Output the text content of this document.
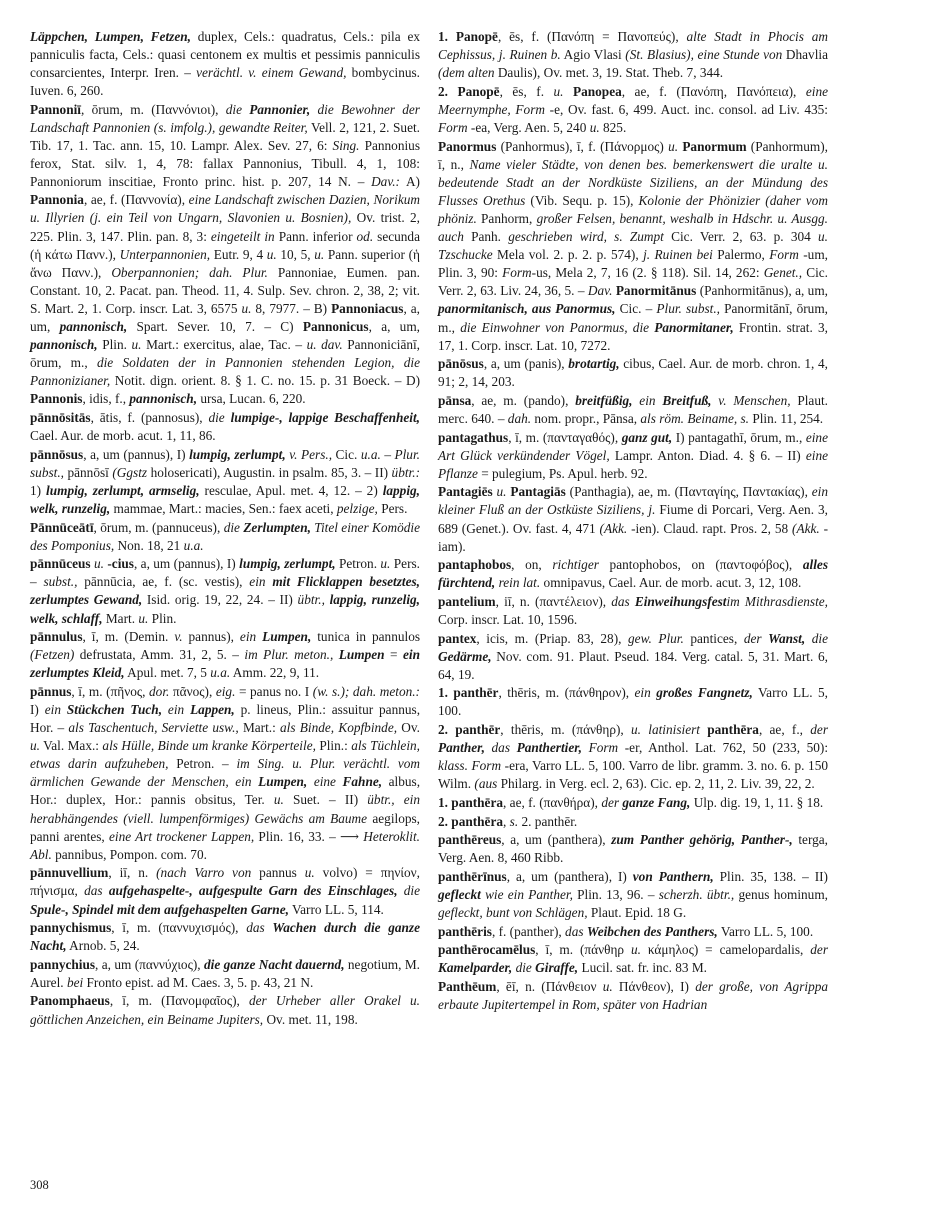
Läppchen, Lumpen, Fetzen, duplex, Cels.: quadratus, Cels.: pila ex panniculis facta, Cels.: quasi centonem ex multis et pessimis panniculis consarcientes, Interpr. Iren. – verächtl. v. einem Gewand, bombycinus. Iuven. 6, 260.
Pannoniī, ōrum, m. (Παννόνιοι), die Pannonier, die Bewohner der Landschaft Pannonien (s. imfolg.), gewandte Reiter, Vell. 2, 121, 2. Suet. Tib. 17, 1. Tac. ann. 15, 10. Lampr. Alex. Sev. 27, 6: Sing. Pannonius ferox, Stat. silv. 1, 4, 78: fallax Pannonius, Tibull. 4, 1, 108: Pannoniorum inscitiae, Fronto princ. hist. p. 207, 14 N. – Dav.: A) Pannonia, ae, f. (Παννονία), eine Landschaft zwischen Dazien, Norikum u. Illyrien (j. ein Teil von Ungarn, Slavonien u. Bosnien), Ov. trist. 2, 225. Plin. 3, 147. Plin. pan. 8, 3: eingeteilt in Pann. inferior od. secunda (ἡ κάτω Πανν.), Unterpannonien, Eutr. 9, 4 u. 10, 5, u. Pann. superior (ἡ ἄνω Πανν.), Oberpannonien; dah. Plur. Pannoniae, Eumen. pan. Constant. 10, 2. Pacat. pan. Theod. 11, 4. Sulp. Sev. chron. 2, 38, 2; vit. S. Mart. 2, 1. Corp. inscr. Lat. 3, 6575 u. 8, 7977. – B) Pannoniacus, a, um, pannonisch, Spart. Sever. 10, 7. – C) Pannonicus, a, um, pannonisch, Plin. u. Mart.: exercitus, alae, Tac. – u. dav. Pannoniciānī, ōrum, m., die Soldaten der in Pannonien stehenden Legion, die Pannonizianer, Notit. dign. orient. 8. § 1. C. no. 15. p. 31 Boeck. – D) Pannonis, idis, f., pannonisch, ursa, Lucan. 6, 220.
pānnōsitās, ātis, f. (pannosus), die lumpige-, lappige Beschaffenheit, Cael. Aur. de morb. acut. 1, 11, 86.
pānnōsus, a, um (pannus), I) lumpig, zerlumpt, v. Pers., Cic. u.a. – Plur. subst., pānnōsī (Ggstz holosericati), Augustin. in psalm. 85, 3. – II) übtr.: 1) lumpig, zerlumpt, armselig, resculae, Apul. met. 4, 12. – 2) lappig, welk, runzelig, mammae, Mart.: macies, Sen.: faex aceti, pelzige, Pers.
Pānnūceātī, ōrum, m. (pannuceus), die Zerlumpten, Titel einer Komödie des Pomponius, Non. 18, 21 u.a.
pānnūceus u. -cius, a, um (pannus), I) lumpig, zerlumpt, Petron. u. Pers. – subst., pānnūcia, ae, f. (sc. vestis), ein mit Flicklappen besetztes, zerlumptes Gewand, Isid. orig. 19, 22, 24. – II) übtr., lappig, runzelig, welk, schlaff, Mart. u. Plin.
pānnulus, ī, m. (Demin. v. pannus), ein Lumpen, tunica in pannulos (Fetzen) defrustata, Amm. 31, 2, 5. – im Plur. meton., Lumpen = ein zerlumptes Kleid, Apul. met. 7, 5 u.a. Amm. 22, 9, 11.
pānnus, ī, m. (πῆνος, dor. πᾶνος), eig. = panus no. I (w. s.); dah. meton.: I) ein Stückchen Tuch, ein Lappen, p. lineus, Plin.: assuitur pannus, Hor. – als Taschentuch, Serviette usw., Mart.: als Binde, Kopfbinde, Ov. u. Val. Max.: als Hülle, Binde um kranke Körperteile, Plin.: als Tüchlein, etwas darin aufzuheben, Petron. – im Sing. u. Plur. verächtl. vom ärmlichen Gewande der Menschen, ein Lumpen, eine Fahne, albus, Hor.: duplex, Hor.: pannis obsitus, Ter. u. Suet. – II) übtr., ein herabhängendes (viell. lumpenförmiges) Gewächs am Baume aegilops, panni arentes, eine Art trockener Lappen, Plin. 16, 33. – ⟶ Heteroklit. Abl. pannibus, Pompon. com. 70.
pānnuvellium, iī, n. (nach Varro von pannus u. volvo) = πηνίον, πήνισμα, das aufgehaspelte-, aufgespulte Garn des Einschlages, die Spule-, Spindel mit dem aufgehaspelten Garne, Varro LL. 5, 114.
pannychismus, ī, m. (παννυχισμός), das Wachen durch die ganze Nacht, Arnob. 5, 24.
pannychius, a, um (παννύχιος), die ganze Nacht dauernd, negotium, M. Aurel. bei Fronto epist. ad M. Caes. 3, 5. p. 43, 21 N.
Panomphaeus, ī, m. (Πανομφαῖος), der Urheber aller Orakel u. göttlichen Anzeichen, ein Beiname Jupiters, Ov. met. 11, 198.
1. Panopē, ēs, f. (Πανόπη = Πανοπεύς), alte Stadt in Phocis am Cephissus, j. Ruinen b. Agio Vlasi (St. Blasius), eine Stunde von Dhavlia (dem alten Daulis), Ov. met. 3, 19. Stat. Theb. 7, 344.
2. Panopē, ēs, f. u. Panopea, ae, f. (Πανόπη, Πανόπεια), eine Meernymphe, Form -e, Ov. fast. 6, 499. Auct. inc. consol. ad Liv. 435: Form -ea, Verg. Aen. 5, 240 u. 825.
Panormus (Panhormus), ī, f. (Πάνορμος) u. Panormum (Panhormum), ī, n., Name vieler Städte, von denen bes. bemerkenswert die uralte u. bedeutende Stadt an der Nordküste Siziliens, an der Mündung des Flusses Orethus (Vib. Sequ. p. 15), Kolonie der Phönizier (daher vom phöniz. Panhorm, großer Felsen, benannt, weshalb in Hdschr. u. Ausgg. auch Panh. geschrieben wird, s. Zumpt Cic. Verr. 2, 63. p. 304 u. Tzschucke Mela vol. 2. p. 2. p. 574), j. Ruinen bei Palermo, Form -um, Plin. 3, 90: Form-us, Mela 2, 7, 16 (2. § 118). Sil. 14, 262: Genet., Cic. Verr. 2, 63. Liv. 24, 36, 5. – Dav. Panormitānus (Panhormitānus), a, um, panormitanisch, aus Panormus, Cic. – Plur. subst., Panormitānī, ōrum, m., die Einwohner von Panormus, die Panormitaner, Frontin. strat. 3, 17, 1. Corp. inscr. Lat. 10, 7272.
pānōsus, a, um (panis), brotartig, cibus, Cael. Aur. de morb. chron. 1, 4, 91; 2, 14, 203.
pānsa, ae, m. (pando), breitfüßig, ein Breitfuß, v. Menschen, Plaut. merc. 640. – dah. nom. propr., Pānsa, als röm. Beiname, s. Plin. 11, 254.
pantagathus, ī, m. (πανταγαθός), ganz gut, I) pantagathī, ōrum, m., eine Art Glück verkündender Vögel, Lampr. Anton. Diad. 4. § 6. – II) eine Pflanze = pulegium, Ps. Apul. herb. 92.
Pantagiēs u. Pantagiās (Panthagia), ae, m. (Πανταγίης, Παντακίας), ein kleiner Fluß an der Ostküste Siziliens, j. Fiume di Porcari, Verg. Aen. 3, 689 (Genet.). Ov. fast. 4, 471 (Akk. -ien). Claud. rapt. Pros. 2, 58 (Akk. - iam).
pantaphobos, on, richtiger pantophobos, on (παντοφόβος), alles fürchtend, rein lat. omnipavus, Cael. Aur. de morb. acut. 3, 12, 108.
pantelium, iī, n. (παντέλειον), das Einweihungsfestim Mithrasdienste, Corp. inscr. Lat. 10, 1596.
pantex, icis, m. (Priap. 83, 28), gew. Plur. pantices, der Wanst, die Gedärme, Nov. com. 91. Plaut. Pseud. 184. Verg. catal. 5, 31. Mart. 6, 64, 19.
1. panthēr, thēris, m. (πάνθηρον), ein großes Fangnetz, Varro LL. 5, 100.
2. panthēr, thēris, m. (πάνθηρ), u. latinisiert panthēra, ae, f., der Panther, das Panthertier, Form -er, Anthol. Lat. 762, 50 (233, 50): klass. Form -era, Varro LL. 5, 100. Varro de libr. gramm. 3. no. 6. p. 150 Wilm. (aus Philarg. in Verg. ecl. 2, 63). Cic. ep. 2, 11, 2. Liv. 39, 22, 2.
1. panthēra, ae, f. (πανθήρα), der ganze Fang, Ulp. dig. 19, 1, 11. § 18.
2. panthēra, s. 2. panthēr.
panthēreus, a, um (panthera), zum Panther gehörig, Panther-, terga, Verg. Aen. 8, 460 Ribb.
panthērīnus, a, um (panthera), I) von Panthern, Plin. 35, 138. – II) gefleckt wie ein Panther, Plin. 13, 96. – scherzh. übtr., genus hominum, gefleckt, bunt von Schlägen, Plaut. Epid. 18 G.
panthēris, f. (panther), das Weibchen des Panthers, Varro LL. 5, 100.
panthērocamēlus, ī, m. (πάνθηρ u. κάμηλος) = camelopardalis, der Kamelparder, die Giraffe, Lucil. sat. fr. inc. 83 M.
Panthēum, ēī, n. (Πάνθειον u. Πάνθεον), I) der große, von Agrippa erbaute Jupitertempel in Rom, später von Hadrian
308
